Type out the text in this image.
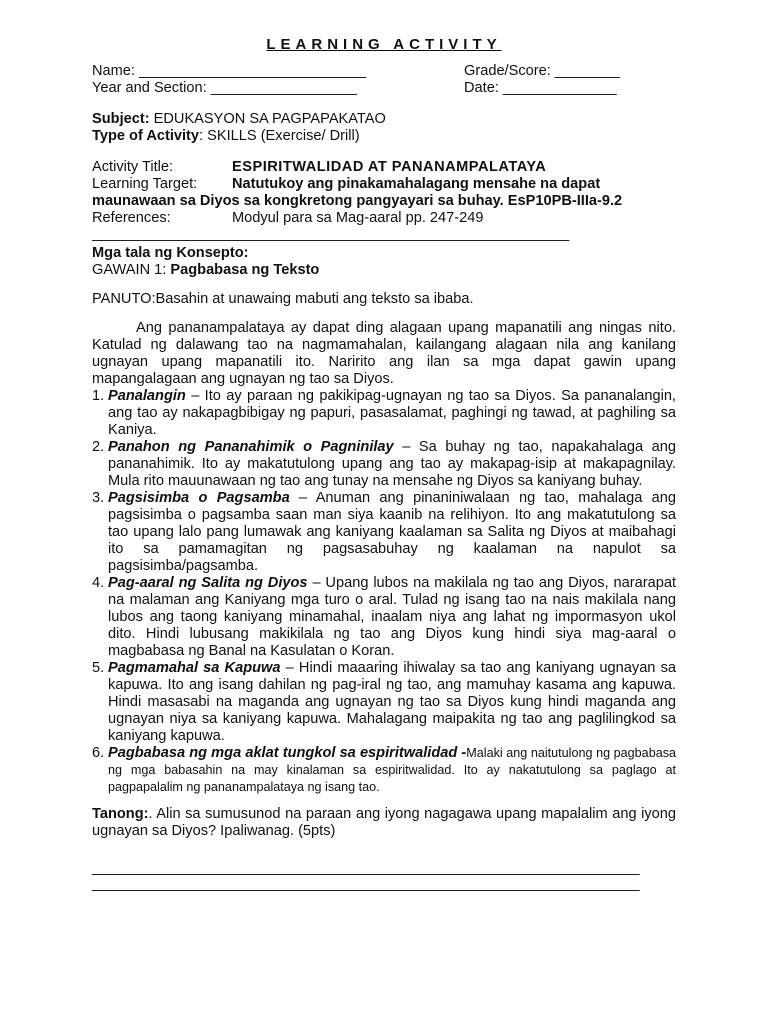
LEARNING ACTIVITY
Name: ____________________________	Grade/Score: ________
Year and Section: __________________	Date: ______________
Subject: EDUKASYON SA PAGPAPAKATAO
Type of Activity: SKILLS (Exercise/ Drill)
Activity Title:	ESPIRITWALIDAD AT PANANAMPALATAYA
Learning Target:	Natutukoy ang pinakamahalagang mensahe na dapat
maunawaan sa Diyos sa kongkretong pangyayari sa buhay. EsP10PB-IIIa-9.2
References:	Modyul para sa Mag-aaral pp. 247-249
_____________________________________________________________
Mga tala ng Konsepto:
GAWAIN 1: Pagbabasa ng Teksto
PANUTO:Basahin at unawaing mabuti ang teksto sa ibaba.

Ang pananampalataya ay dapat ding alagaan upang mapanatili ang ningas nito. Katulad ng dalawang tao na nagmamahalan, kailangang alagaan nila ang kanilang ugnayan upang mapanatili ito. Naririto ang ilan sa mga dapat gawin upang mapangalagaan ang ugnayan ng tao sa Diyos.

1. Panalangin – Ito ay paraan ng pakikipag-ugnayan ng tao sa Diyos. Sa pananalangin, ang tao ay nakapagbibigay ng papuri, pasasalamat, paghingi ng tawad, at paghiling sa Kaniya.
2. Panahon ng Pananahimik o Pagninilay – Sa buhay ng tao, napakahalaga ang pananahimik. Ito ay makatutulong upang ang tao ay makapag-isip at makapagnilay. Mula rito mauunawaan ng tao ang tunay na mensahe ng Diyos sa kaniyang buhay.
3. Pagsisimba o Pagsamba – Anuman ang pinaniniwalaan ng tao, mahalaga ang pagsisimba o pagsamba saan man siya kaanib na relihiyon. Ito ang makatutulong sa tao upang lalo pang lumawak ang kaniyang kaalaman sa Salita ng Diyos at maibahagi ito sa pamamagitan ng pagsasabuhay ng kaalaman na napulot sa pagsisimba/pagsamba.
4. Pag-aaral ng Salita ng Diyos – Upang lubos na makilala ng tao ang Diyos, nararapat na malaman ang Kaniyang mga turo o aral. Tulad ng isang tao na nais makilala nang lubos ang taong kaniyang minamahal, inaalam niya ang lahat ng impormasyon ukol dito. Hindi lubusang makikilala ng tao ang Diyos kung hindi siya mag-aaral o magbabasa ng Banal na Kasulatan o Koran.
5. Pagmamahal sa Kapuwa – Hindi maaaring ihiwalay sa tao ang kaniyang ugnayan sa kapuwa. Ito ang isang dahilan ng pag-iral ng tao, ang mamuhay kasama ang kapuwa. Hindi masasabi na maganda ang ugnayan ng tao sa Diyos kung hindi maganda ang ugnayan niya sa kaniyang kapuwa. Mahalagang maipakita ng tao ang paglilingkod sa kaniyang kapuwa.
6. Pagbabasa ng mga aklat tungkol sa espiritwalidad -Malaki ang naitutulong ng pagbabasa ng mga babasahin na may kinalaman sa espiritwalidad. Ito ay nakatutulong sa paglago at pagpapalalim ng pananampalataya ng isang tao.

Tanong:. Alin sa sumusunod na paraan ang iyong nagagawa upang mapalalim ang iyong ugnayan sa Diyos? Ipaliwanag. (5pts)

______________________________________________________________________
______________________________________________________________________
